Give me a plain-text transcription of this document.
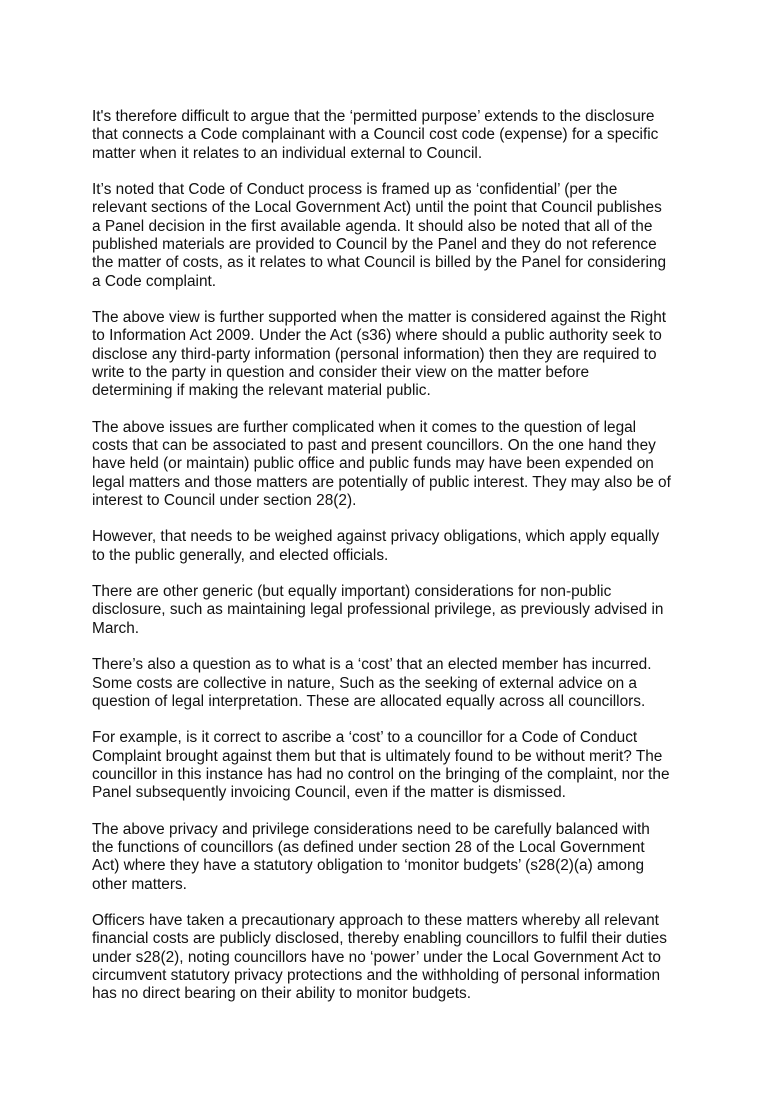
It's therefore difficult to argue that the ‘permitted purpose’ extends to the disclosure
that connects a Code complainant with a Council cost code (expense) for a specific
matter when it relates to an individual external to Council.

It’s noted that Code of Conduct process is framed up as ‘confidential’ (per the
relevant sections of the Local Government Act) until the point that Council publishes
a Panel decision in the first available agenda. It should also be noted that all of the
published materials are provided to Council by the Panel and they do not reference
the matter of costs, as it relates to what Council is billed by the Panel for considering
a Code complaint.

The above view is further supported when the matter is considered against the Right
to Information Act 2009. Under the Act (s36) where should a public authority seek to
disclose any third-party information (personal information) then they are required to
write to the party in question and consider their view on the matter before
determining if making the relevant material public.

The above issues are further complicated when it comes to the question of legal
costs that can be associated to past and present councillors. On the one hand they
have held (or maintain) public office and public funds may have been expended on
legal matters and those matters are potentially of public interest. They may also be of
interest to Council under section 28(2).

However, that needs to be weighed against privacy obligations, which apply equally
to the public generally, and elected officials.

There are other generic (but equally important) considerations for non-public
disclosure, such as maintaining legal professional privilege, as previously advised in
March.

There’s also a question as to what is a ‘cost’ that an elected member has incurred.
Some costs are collective in nature, Such as the seeking of external advice on a
question of legal interpretation. These are allocated equally across all councillors.

For example, is it correct to ascribe a ‘cost’ to a councillor for a Code of Conduct
Complaint brought against them but that is ultimately found to be without merit? The
councillor in this instance has had no control on the bringing of the complaint, nor the
Panel subsequently invoicing Council, even if the matter is dismissed.

The above privacy and privilege considerations need to be carefully balanced with
the functions of councillors (as defined under section 28 of the Local Government
Act) where they have a statutory obligation to ‘monitor budgets’ (s28(2)(a) among
other matters.

Officers have taken a precautionary approach to these matters whereby all relevant
financial costs are publicly disclosed, thereby enabling councillors to fulfil their duties
under s28(2), noting councillors have no ‘power’ under the Local Government Act to
circumvent statutory privacy protections and the withholding of personal information
has no direct bearing on their ability to monitor budgets.
